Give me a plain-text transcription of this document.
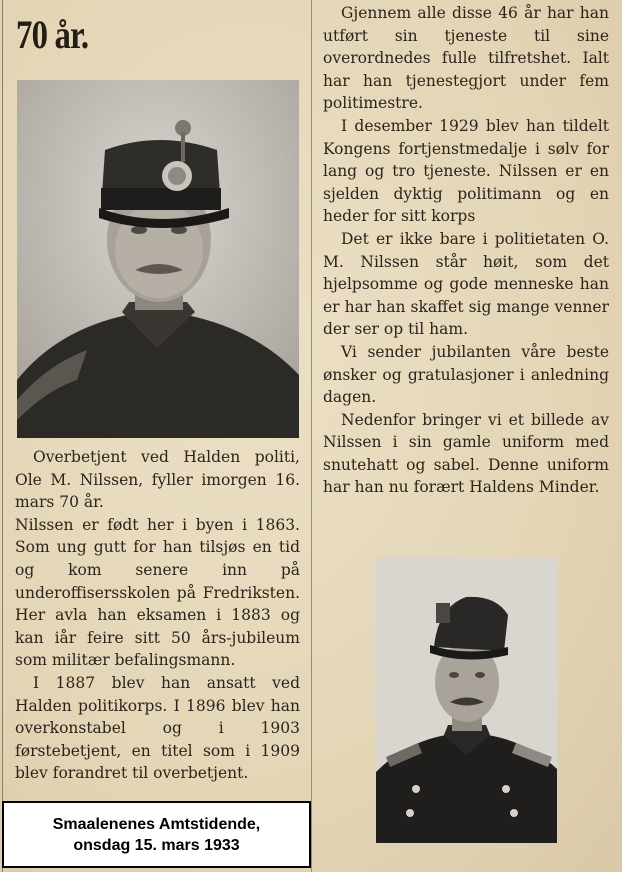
70 år.

Overbetjent ved Halden politi, Ole M. Nilssen, fyller imorgen 16. mars 70 år.

Nilssen er født her i byen i 1863. Som ung gutt for han tilsjøs en tid og kom senere inn på underoffisersskolen på Fredriksten. Her avla han eksamen i 1883 og kan iår feire sitt 50 års-jubileum som militær befalingsmann.

I 1887 blev han ansatt ved Halden politikorps. I 1896 blev han overkonstabel og i 1903 førstebetjent, en titel som i 1909 blev forandret til overbetjent.

Gjennem alle disse 46 år har han utført sin tjeneste til sine overordnedes fulle tilfretshet. Ialt har han tjenestegjort under fem politimestre.

I desember 1929 blev han tildelt Kongens fortjenstmedalje i sølv for lang og tro tjeneste. Nilssen er en sjelden dyktig politimann og en heder for sitt korps

Det er ikke bare i politietaten O. M. Nilssen står høit, som det hjelpsomme og gode menneske han er har han skaffet sig mange venner der ser op til ham.

Vi sender jubilanten våre beste ønsker og gratulasjoner i anledning dagen.

Nedenfor bringer vi et billede av Nilssen i sin gamle uniform med snutehatt og sabel. Denne uniform har han nu forært Haldens Minder.

Smaalenenes Amtstidende,
onsdag 15. mars 1933
